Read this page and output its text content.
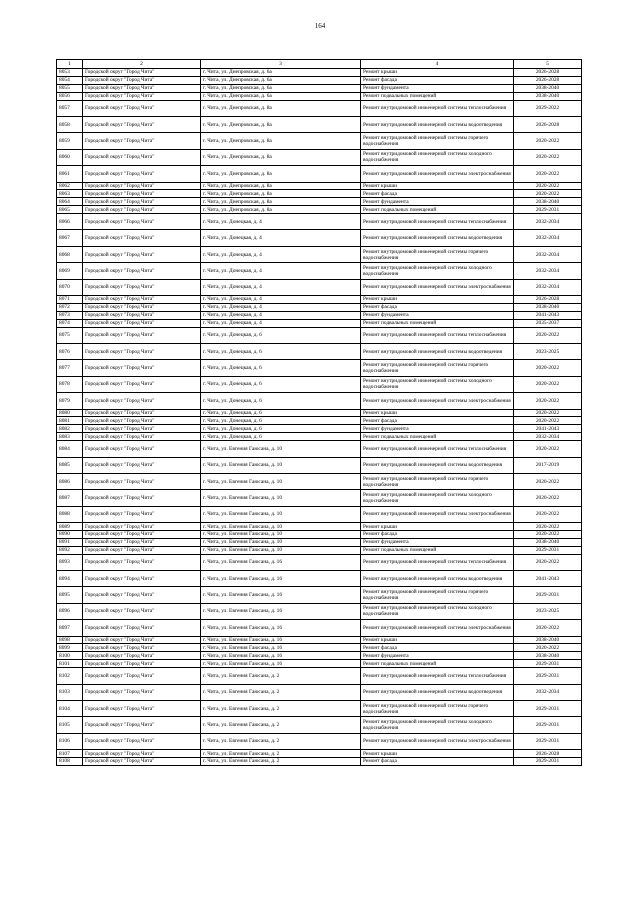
164
1	2	3	4	5
8053	Городской округ "Город Чита"	г. Чита, ул. Днепровская, д. 6а	Ремонт крыши	2026-2028
8054	Городской округ "Город Чита"	г. Чита, ул. Днепровская, д. 6а	Ремонт фасада	2026-2028
8055	Городской округ "Город Чита"	г. Чита, ул. Днепровская, д. 6а	Ремонт фундамента	2038-2040
8056	Городской округ "Город Чита"	г. Чита, ул. Днепровская, д. 6а	Ремонт подвальных помещений	2038-2040
8057	Городской округ "Город Чита"	г. Чита, ул. Днепровская, д. 8а	Ремонт внутридомовой инженерной системы теплоснабжения	2029-2022
8058	Городской округ "Город Чита"	г. Чита, ул. Днепровская, д. 8а	Ремонт внутридомовой инженерной системы водоотведения	2026-2028
8059	Городской округ "Город Чита"	г. Чита, ул. Днепровская, д. 8а	Ремонт внутридомовой инженерной системы горячего водоснабжения	2020-2022
8060	Городской округ "Город Чита"	г. Чита, ул. Днепровская, д. 8а	Ремонт внутридомовой инженерной системы холодного водоснабжения	2020-2022
8061	Городской округ "Город Чита"	г. Чита, ул. Днепровская, д. 8а	Ремонт внутридомовой инженерной системы электроснабжения	2020-2022
8062	Городской округ "Город Чита"	г. Чита, ул. Днепровская, д. 8а	Ремонт крыши	2020-2022
8063	Городской округ "Город Чита"	г. Чита, ул. Днепровская, д. 8а	Ремонт фасада	2020-2022
8064	Городской округ "Город Чита"	г. Чита, ул. Днепровская, д. 8а	Ремонт фундамента	2038-2040
8065	Городской округ "Город Чита"	г. Чита, ул. Днепровская, д. 8а	Ремонт подвальных помещений	2029-2031
8066	Городской округ "Город Чита"	г. Чита, ул. Донецкая, д. 4	Ремонт внутридомовой инженерной системы теплоснабжения	2032-2034
8067	Городской округ "Город Чита"	г. Чита, ул. Донецкая, д. 4	Ремонт внутридомовой инженерной системы водоотведения	2032-2034
8068	Городской округ "Город Чита"	г. Чита, ул. Донецкая, д. 4	Ремонт внутридомовой инженерной системы горячего водоснабжения	2032-2034
8069	Городской округ "Город Чита"	г. Чита, ул. Донецкая, д. 4	Ремонт внутридомовой инженерной системы холодного водоснабжения	2032-2034
8070	Городской округ "Город Чита"	г. Чита, ул. Донецкая, д. 4	Ремонт внутридомовой инженерной системы электроснабжения	2032-2034
8071	Городской округ "Город Чита"	г. Чита, ул. Донецкая, д. 4	Ремонт крыши	2026-2028
8072	Городской округ "Город Чита"	г. Чита, ул. Донецкая, д. 4	Ремонт фасада	2038-2040
8073	Городской округ "Город Чита"	г. Чита, ул. Донецкая, д. 4	Ремонт фундамента	2041-2043
8074	Городской округ "Город Чита"	г. Чита, ул. Донецкая, д. 4	Ремонт подвальных помещений	2035-2037
8075	Городской округ "Город Чита"	г. Чита, ул. Донецкая, д. 6	Ремонт внутридомовой инженерной системы теплоснабжения	2020-2022
8076	Городской округ "Город Чита"	г. Чита, ул. Донецкая, д. 6	Ремонт внутридомовой инженерной системы водоотведения	2023-2025
8077	Городской округ "Город Чита"	г. Чита, ул. Донецкая, д. 6	Ремонт внутридомовой инженерной системы горячего водоснабжения	2020-2022
8078	Городской округ "Город Чита"	г. Чита, ул. Донецкая, д. 6	Ремонт внутридомовой инженерной системы холодного водоснабжения	2020-2022
8079	Городской округ "Город Чита"	г. Чита, ул. Донецкая, д. 6	Ремонт внутридомовой инженерной системы электроснабжения	2020-2022
8080	Городской округ "Город Чита"	г. Чита, ул. Донецкая, д. 6	Ремонт крыши	2020-2022
8081	Городской округ "Город Чита"	г. Чита, ул. Донецкая, д. 6	Ремонт фасада	2020-2022
8082	Городской округ "Город Чита"	г. Чита, ул. Донецкая, д. 6	Ремонт фундамента	2041-2043
8083	Городской округ "Город Чита"	г. Чита, ул. Донецкая, д. 6	Ремонт подвальных помещений	2032-2034
8084	Городской округ "Город Чита"	г. Чита, ул. Евгения Гаюсана, д. 10	Ремонт внутридомовой инженерной системы теплоснабжения	2020-2022
8085	Городской округ "Город Чита"	г. Чита, ул. Евгения Гаюсана, д. 10	Ремонт внутридомовой инженерной системы водоотведения	2017-2019
8086	Городской округ "Город Чита"	г. Чита, ул. Евгения Гаюсана, д. 10	Ремонт внутридомовой инженерной системы горячего водоснабжения	2020-2022
8087	Городской округ "Город Чита"	г. Чита, ул. Евгения Гаюсана, д. 10	Ремонт внутридомовой инженерной системы холодного водоснабжения	2020-2022
8088	Городской округ "Город Чита"	г. Чита, ул. Евгения Гаюсана, д. 10	Ремонт внутридомовой инженерной системы электроснабжения	2020-2022
8089	Городской округ "Город Чита"	г. Чита, ул. Евгения Гаюсана, д. 10	Ремонт крыши	2020-2022
8090	Городской округ "Город Чита"	г. Чита, ул. Евгения Гаюсана, д. 10	Ремонт фасада	2020-2022
8091	Городской округ "Город Чита"	г. Чита, ул. Евгения Гаюсана, д. 10	Ремонт фундамента	2038-2040
8092	Городской округ "Город Чита"	г. Чита, ул. Евгения Гаюсана, д. 10	Ремонт подвальных помещений	2029-2031
8093	Городской округ "Город Чита"	г. Чита, ул. Евгения Гаюсана, д. 16	Ремонт внутридомовой инженерной системы теплоснабжения	2020-2022
8094	Городской округ "Город Чита"	г. Чита, ул. Евгения Гаюсана, д. 16	Ремонт внутридомовой инженерной системы водоотведения	2041-2043
8095	Городской округ "Город Чита"	г. Чита, ул. Евгения Гаюсана, д. 16	Ремонт внутридомовой инженерной системы горячего водоснабжения	2029-2031
8096	Городской округ "Город Чита"	г. Чита, ул. Евгения Гаюсана, д. 16	Ремонт внутридомовой инженерной системы холодного водоснабжения	2023-2025
8097	Городской округ "Город Чита"	г. Чита, ул. Евгения Гаюсана, д. 16	Ремонт внутридомовой инженерной системы электроснабжения	2020-2022
8098	Городской округ "Город Чита"	г. Чита, ул. Евгения Гаюсана, д. 16	Ремонт крыши	2038-2040
8099	Городской округ "Город Чита"	г. Чита, ул. Евгения Гаюсана, д. 16	Ремонт фасада	2020-2022
8100	Городской округ "Город Чита"	г. Чита, ул. Евгения Гаюсана, д. 16	Ремонт фундамента	2038-2040
8101	Городской округ "Город Чита"	г. Чита, ул. Евгения Гаюсана, д. 16	Ремонт подвальных помещений	2029-2031
8102	Городской округ "Город Чита"	г. Чита, ул. Евгения Гаюсана, д. 2	Ремонт внутридомовой инженерной системы теплоснабжения	2029-2031
8103	Городской округ "Город Чита"	г. Чита, ул. Евгения Гаюсана, д. 2	Ремонт внутридомовой инженерной системы водоотведения	2032-2034
8104	Городской округ "Город Чита"	г. Чита, ул. Евгения Гаюсана, д. 2	Ремонт внутридомовой инженерной системы горячего водоснабжения	2029-2031
8105	Городской округ "Город Чита"	г. Чита, ул. Евгения Гаюсана, д. 2	Ремонт внутридомовой инженерной системы холодного водоснабжения	2029-2031
8106	Городской округ "Город Чита"	г. Чита, ул. Евгения Гаюсана, д. 2	Ремонт внутридомовой инженерной системы электроснабжения	2029-2031
8107	Городской округ "Город Чита"	г. Чита, ул. Евгения Гаюсана, д. 2	Ремонт крыши	2026-2028
8108	Городской округ "Город Чита"	г. Чита, ул. Евгения Гаюсана, д. 2	Ремонт фасада	2029-2031
